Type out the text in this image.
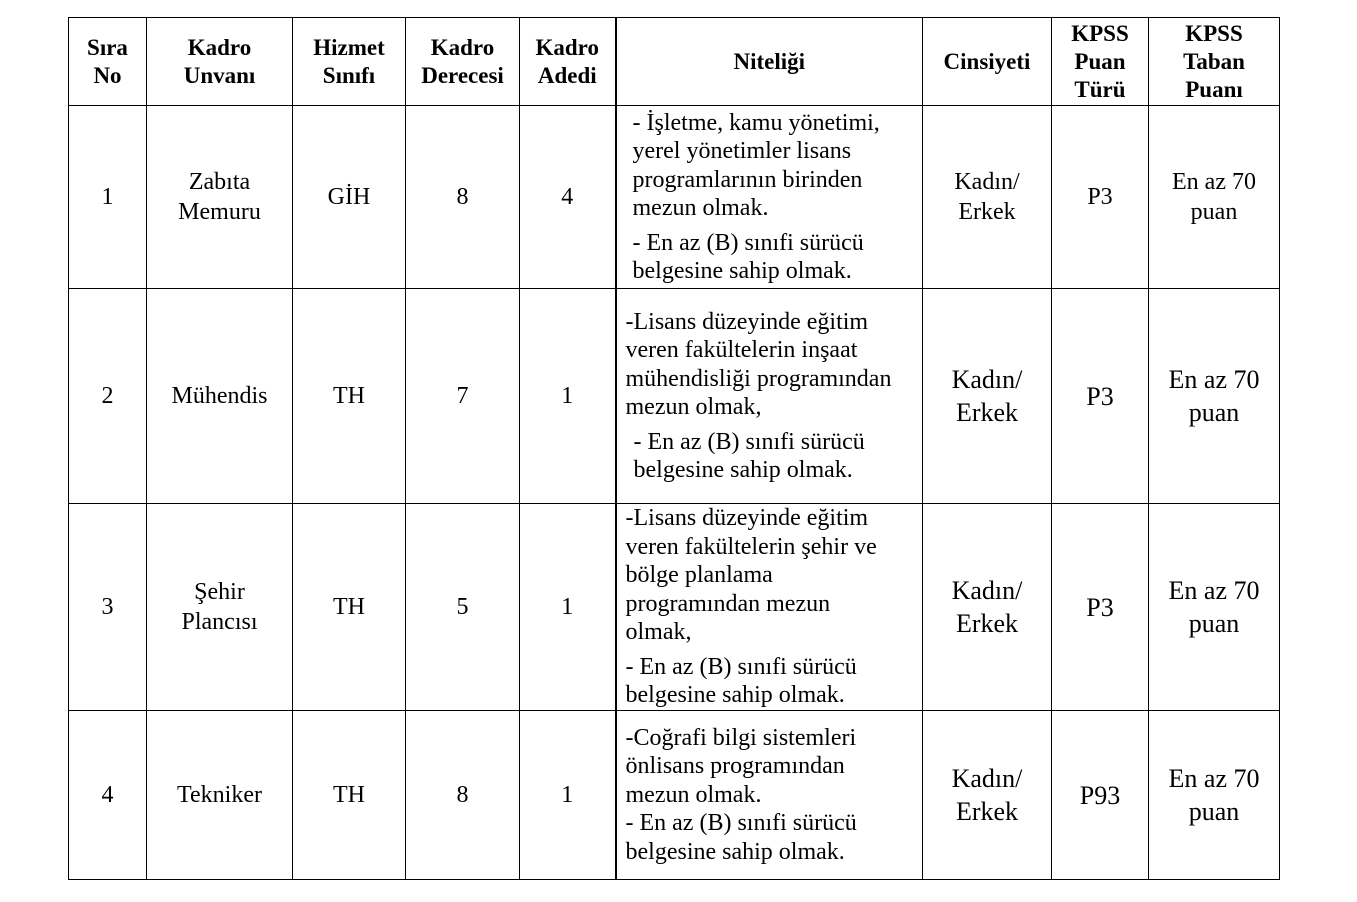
Sıra No	Kadro Unvanı	Hizmet Sınıfı	Kadro Derecesi	Kadro Adedi	Niteliği	Cinsiyeti	KPSS Puan Türü	KPSS Taban Puanı
1	Zabıta Memuru	GİH	8	4	- İşletme, kamu yönetimi, yerel yönetimler lisans programlarının birinden mezun olmak.

- En az (B) sınıfi sürücü belgesine sahip olmak.	Kadın/ Erkek	P3	En az 70 puan
2	Mühendis	TH	7	1	-Lisans düzeyinde eğitim veren fakültelerin inşaat mühendisliği programından mezun olmak,

- En az (B) sınıfi sürücü belgesine sahip olmak.	Kadın/ Erkek	P3	En az 70 puan
3	Şehir Plancısı	TH	5	1	-Lisans düzeyinde eğitim veren fakültelerin şehir ve bölge planlama programından mezun olmak,

- En az (B) sınıfi sürücü belgesine sahip olmak.	Kadın/ Erkek	P3	En az 70 puan
4	Tekniker	TH	8	1	-Coğrafi bilgi sistemleri önlisans programından mezun olmak.

- En az (B) sınıfi sürücü belgesine sahip olmak.	Kadın/ Erkek	P93	En az 70 puan
